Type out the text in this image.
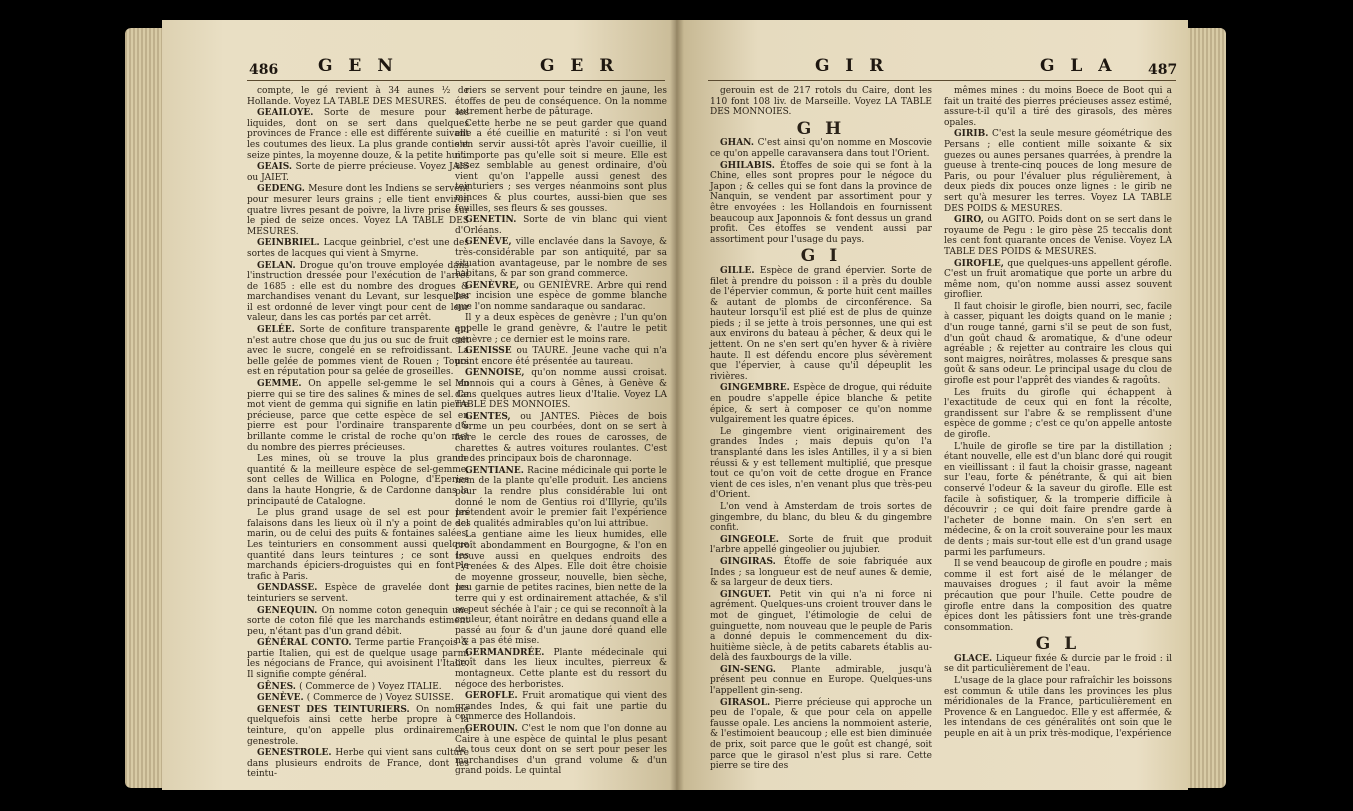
486 G E N	G E R	G I R	G L A 487

compte, le gé revient à 34 aunes ½ de Hollande. Voyez LA TABLE DES MESURES.

GEAILOYE. Sorte de mesure pour les liquides, dont on se sert dans quelques provinces de France : elle est différente suivant les coutumes des lieux. La plus grande contient seize pintes, la moyenne douze, & la petite huit.

GEAIS. Sorte de pierre précieuse. Voyez JAIS ou JAIET.

GEDENG. Mesure dont les Indiens se servent pour mesurer leurs grains ; elle tient environ quatre livres pesant de poivre, la livre prise sur le pied de seize onces. Voyez LA TABLE DES MESURES.

GEINBRIEL. Lacque geinbriel, c'est une des sortes de lacques qui vient à Smyrne.

GELAN. Drogue qu'on trouve employée dans l'instruction dressée pour l'exécution de l'arrêt de 1685 : elle est du nombre des drogues & marchandises venant du Levant, sur lesquelles il est ordonné de lever vingt pour cent de leur valeur, dans les cas portés par cet arrêt.

GELÉE. Sorte de confiture transparente qui n'est autre chose que du jus ou suc de fruit cuit avec le sucre, congelé en se refroidissant. La belle gelée de pommes vient de Rouen ; Tours est en réputation pour sa gelée de groseilles.

GEMME. On appelle sel-gemme le sel en pierre qui se tire des salines & mines de sel. Ce mot vient de gemma qui signifie en latin pierre précieuse, parce que cette espèce de sel en pierre est pour l'ordinaire transparente & brillante comme le cristal de roche qu'on met du nombre des pierres précieuses.

Les mines, où se trouve la plus grande quantité & la meilleure espèce de sel-gemme, sont celles de Willica en Pologne, d'Eperies dans la haute Hongrie, & de Cardonne dans la principauté de Catalogne.

Le plus grand usage de sel est pour les falaisons dans les lieux où il n'y a point de sel marin, ou de celui des puits & fontaines salées. Les teinturiers en consomment aussi quelque quantité dans leurs teintures ; ce sont les marchands épiciers-droguistes qui en font le trafic à Paris.

GENDASSE. Espèce de gravelée dont les teinturiers se servent.

GENEQUIN. On nomme coton genequin une sorte de coton filé que les marchands estiment peu, n'étant pas d'un grand débit.

GÉNÉRAL CONTO. Terme partie François & partie Italien, qui est de quelque usage parmi les négocians de France, qui avoisinent l'Italie. Il signifie compte général.

GÊNES. ( Commerce de ) Voyez ITALIE.

GENÈVE. ( Commerce de ) Voyez SUISSE.

GENEST DES TEINTURIERS. On nomme quelquefois ainsi cette herbe propre à la teinture, qu'on appelle plus ordinairement genestrole.

GENESTROLE. Herbe qui vient sans culture dans plusieurs endroits de France, dont les teintu-

riers se servent pour teindre en jaune, les étoffes de peu de conséquence. On la nomme autrement herbe de pâturage.

Cette herbe ne se peut garder que quand elle a été cueillie en maturité : si l'on veut s'en servir aussi-tôt après l'avoir cueillie, il n'importe pas qu'elle soit si meure. Elle est assez semblable au genest ordinaire, d'où vient qu'on l'appelle aussi genest des teinturiers ; ses verges néanmoins sont plus minces & plus courtes, aussi-bien que ses feuilles, ses fleurs & ses gousses.

GENETIN. Sorte de vin blanc qui vient d'Orléans.

GENÈVE, ville enclavée dans la Savoye, & très-considérable par son antiquité, par sa situation avantageuse, par le nombre de ses habitans, & par son grand commerce.

GENÈVRE, ou GENIÈVRE. Arbre qui rend par incision une espèce de gomme blanche que l'on nomme sandaraque ou sandarac.

Il y a deux espèces de genèvre ; l'un qu'on appelle le grand genèvre, & l'autre le petit genèvre ; ce dernier est le moins rare.

GENISSE ou TAURE. Jeune vache qui n'a point encore été présentée au taureau.

GENNOISE, qu'on nomme aussi croisat. Monnois qui a cours à Gênes, à Genève & dans quelques autres lieux d'Italie. Voyez LA TABLE DES MONNOIES.

GENTES, ou JANTES. Pièces de bois d'orme un peu courbées, dont on se sert à faire le cercle des roues de carosses, de charettes & autres voitures roulantes. C'est un des principaux bois de charonnage.

GENTIANE. Racine médicinale qui porte le nom de la plante qu'elle produit. Les anciens pour la rendre plus considérable lui ont donné le nom de Gentius roi d'Illyrie, qu'ils prétendent avoir le premier fait l'expérience des qualités admirables qu'on lui attribue.

La gentiane aime les lieux humides, elle croît abondamment en Bourgogne, & l'on en trouve aussi en quelques endroits des Pyrenées & des Alpes. Elle doit être choisie de moyenne grosseur, nouvelle, bien sèche, peu garnie de petites racines, bien nette de la terre qui y est ordinairement attachée, & s'il se peut séchée à l'air ; ce qui se reconnoît à la couleur, étant noirâtre en dedans quand elle a passé au four & d'un jaune doré quand elle n'y a pas été mise.

GERMANDRÉE. Plante médecinale qui croît dans les lieux incultes, pierreux & montagneux. Cette plante est du ressort du négoce des herboristes.

GEROFLE. Fruit aromatique qui vient des grandes Indes, & qui fait une partie du commerce des Hollandois.

GEROUIN. C'est le nom que l'on donne au Caire à une espèce de quintal le plus pesant de tous ceux dont on se sert pour peser les marchandises d'un grand volume & d'un grand poids. Le quintal

gerouin est de 217 rotols du Caire, dont les 110 font 108 liv. de Marseille. Voyez LA TABLE DES MONNOIES.

G H

GHAN. C'est ainsi qu'on nomme en Moscovie ce qu'on appelle caravansera dans tout l'Orient.

GHILABIS. Étoffes de soie qui se font à la Chine, elles sont propres pour le négoce du Japon ; & celles qui se font dans la province de Nanquin, se vendent par assortiment pour y être envoyées : les Hollandois en fournissent beaucoup aux Japonnois & font dessus un grand profit. Ces étoffes se vendent aussi par assortiment pour l'usage du pays.

G I

GILLE. Espèce de grand épervier. Sorte de filet à prendre du poisson : il a près du double de l'épervier commun, & porte huit cent mailles & autant de plombs de circonférence. Sa hauteur lorsqu'il est plié est de plus de quinze pieds ; il se jette à trois personnes, une qui est aux environs du bateau à pêcher, & deux qui le jettent. On ne s'en sert qu'en hyver & à rivière haute. Il est défendu encore plus sévèrement que l'épervier, à cause qu'il dépeuplit les rivières.

GINGEMBRE. Espèce de drogue, qui réduite en poudre s'appelle épice blanche & petite épice, & sert à composer ce qu'on nomme vulgairement les quatre épices.

Le gingembre vient originairement des grandes Indes ; mais depuis qu'on l'a transplanté dans les isles Antilles, il y a si bien réussi & y est tellement multiplié, que presque tout ce qu'on voit de cette drogue en France vient de ces isles, n'en venant plus que très-peu d'Orient.

L'on vend à Amsterdam de trois sortes de gingembre, du blanc, du bleu & du gingembre confit.

GINGEOLE. Sorte de fruit que produit l'arbre appellé gingeolier ou jujubier.

GINGIRAS. Étoffe de soie fabriquée aux Indes ; sa longueur est de neuf aunes & demie, & sa largeur de deux tiers.

GINGUET. Petit vin qui n'a ni force ni agrément. Quelques-uns croient trouver dans le mot de ginguet, l'étimologie de celui de guinguette, nom nouveau que le peuple de Paris a donné depuis le commencement du dix-huitième siècle, à de petits cabarets établis au-delà des fauxbourgs de la ville.

GIN-SENG. Plante admirable, jusqu'à présent peu connue en Europe. Quelques-uns l'appellent gin-seng.

GIRASOL. Pierre précieuse qui approche un peu de l'opale, & que pour cela on appelle fausse opale. Les anciens la nommoient asterie, & l'estimoient beaucoup ; elle est bien diminuée de prix, soit parce que le goût est changé, soit parce que le girasol n'est plus si rare. Cette pierre se tire des

mêmes mines : du moins Boece de Boot qui a fait un traité des pierres précieuses assez estimé, assure-t-il qu'il a tiré des girasols, des mères opales.

GIRIB. C'est la seule mesure géométrique des Persans ; elle contient mille soixante & six guezes ou aunes persanes quarrées, à prendre la gueuse à trente-cinq pouces de long mesure de Paris, ou pour l'évaluer plus régulièrement, à deux pieds dix pouces onze lignes : le girib ne sert qu'à mesurer les terres. Voyez LA TABLE DES POIDS & MESURES.

GIRO, ou AGITO. Poids dont on se sert dans le royaume de Pegu : le giro pèse 25 teccalis dont les cent font quarante onces de Venise. Voyez LA TABLE DES POIDS & MESURES.

GIROFLE, que quelques-uns appellent gérofle. C'est un fruit aromatique que porte un arbre du même nom, qu'on nomme aussi assez souvent giroflier.

Il faut choisir le girofle, bien nourri, sec, facile à casser, piquant les doigts quand on le manie ; d'un rouge tanné, garni s'il se peut de son fust, d'un goût chaud & aromatique, & d'une odeur agréable ; & rejetter au contraire les clous qui sont maigres, noirâtres, molasses & presque sans goût & sans odeur. Le principal usage du clou de girofle est pour l'apprêt des viandes & ragoûts.

Les fruits du girofle qui échappent à l'exactitude de ceux qui en font la récolte, grandissent sur l'abre & se remplissent d'une espèce de gomme ; c'est ce qu'on appelle antoste de girofle.

L'huile de girofle se tire par la distillation ; étant nouvelle, elle est d'un blanc doré qui rougit en vieillissant : il faut la choisir grasse, nageant sur l'eau, forte & pénétrante, & qui ait bien conservé l'odeur & la saveur du girofle. Elle est facile à sofistiquer, & la tromperie difficile à découvrir ; ce qui doit faire prendre garde à l'acheter de bonne main. On s'en sert en médecine, & on la croit souveraine pour les maux de dents ; mais sur-tout elle est d'un grand usage parmi les parfumeurs.

Il se vend beaucoup de girofle en poudre ; mais comme il est fort aisé de le mélanger de mauvaises drogues ; il faut avoir la même précaution que pour l'huile. Cette poudre de girofle entre dans la composition des quatre épices dont les pâtissiers font une très-grande consommation.

G L

GLACE. Liqueur fixée & durcie par le froid : il se dit particulièrement de l'eau.

L'usage de la glace pour rafraîchir les boissons est commun & utile dans les provinces les plus méridionales de la France, particulièrement en Provence & en Languedoc. Elle y est affermée, & les intendans de ces généralités ont soin que le peuple en ait à un prix très-modique, l'expérience
